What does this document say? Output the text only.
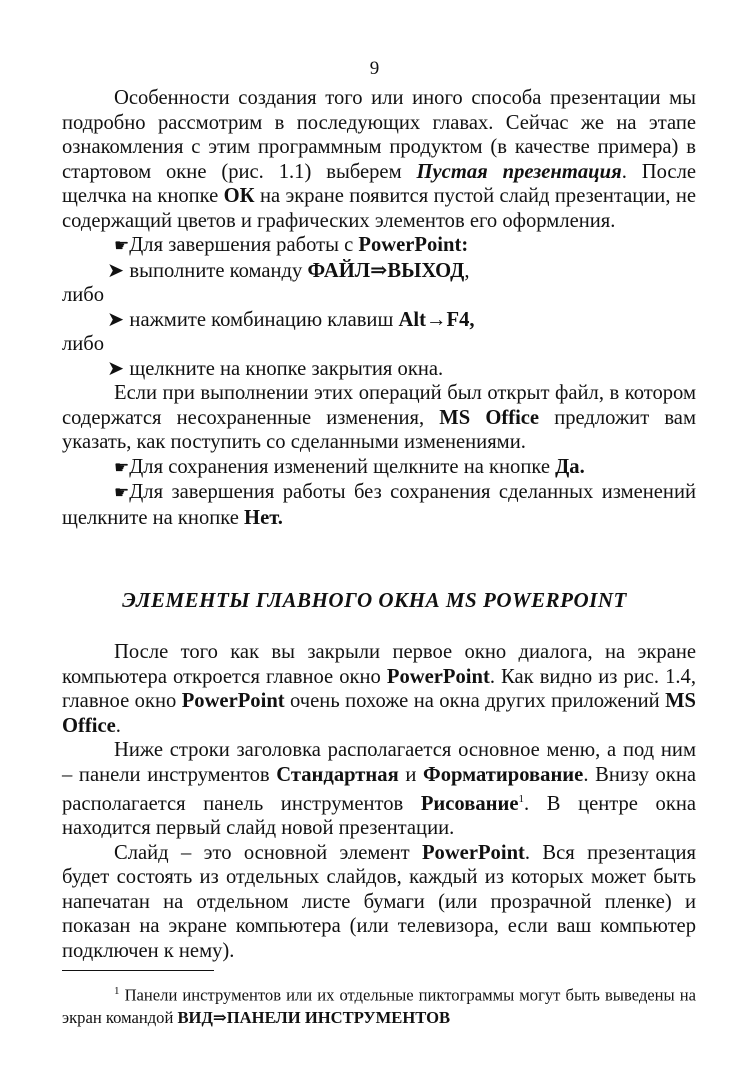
9

Особенности создания того или иного способа презентации мы подробно рассмотрим в последующих главах. Сейчас же на этапе ознакомления с этим программным продуктом (в качестве примера) в стартовом окне (рис. 1.1) выберем Пустая презентация. После щелчка на кнопке ОК на экране появится пустой слайд презентации, не содержащий цветов и графических элементов его оформления.

☛Для завершения работы с PowerPoint:

➤ выполните команду ФАЙЛ⇒ВЫХОД,

либо

➤ нажмите комбинацию клавиш Alt→F4,

либо

➤ щелкните на кнопке закрытия окна.

Если при выполнении этих операций был открыт файл, в котором содержатся несохраненные изменения, MS Office предложит вам указать, как поступить со сделанными изменениями.

☛Для сохранения изменений щелкните на кнопке Да.

☛Для завершения работы без сохранения сделанных изменений щелкните на кнопке Нет.

ЭЛЕМЕНТЫ ГЛАВНОГО ОКНА MS POWERPOINT

После того как вы закрыли первое окно диалога, на экране компьютера откроется главное окно PowerPoint. Как видно из рис. 1.4, главное окно PowerPoint очень похоже на окна других приложений MS Office.

Ниже строки заголовка располагается основное меню, а под ним – панели инструментов Стандартная и Форматирование. Внизу окна располагается панель инструментов Рисование$^1$. В центре окна находится первый слайд новой презентации.

Слайд – это основной элемент PowerPoint. Вся презентация будет состоять из отдельных слайдов, каждый из которых может быть напечатан на отдельном листе бумаги (или прозрачной пленке) и показан на экране компьютера (или телевизора, если ваш компьютер подключен к нему).

$^1$ Панели инструментов или их отдельные пиктограммы могут быть выведены на экран командой ВИД⇒ПАНЕЛИ ИНСТРУМЕНТОВ
